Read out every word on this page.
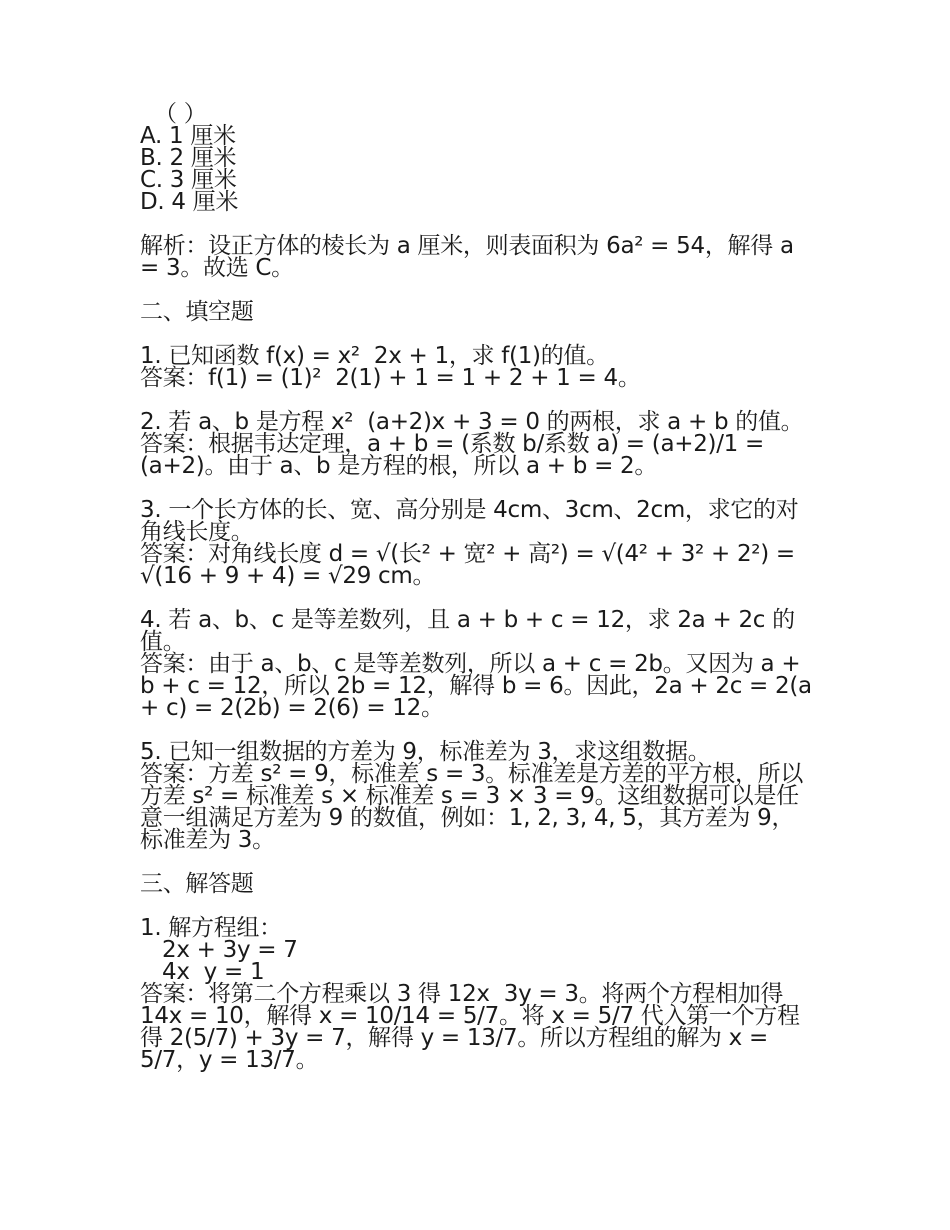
（ ）
A. 1 厘米
B. 2 厘米
C. 3 厘米
D. 4 厘米
解析：设正方体的棱长为 a 厘米，则表面积为 6a² = 54，解得 a = 3。故选 C。
二、填空题
1. 已知函数 f(x) = x²  2x + 1，求 f(1)的值。
答案：f(1) = (1)²  2(1) + 1 = 1 + 2 + 1 = 4。
2. 若 a、b 是方程 x²  (a+2)x + 3 = 0 的两根，求 a + b 的值。
答案：根据韦达定理，a + b = (系数 b/系数 a) = (a+2)/1 = (a+2)。由于 a、b 是方程的根，所以 a + b = 2。
3. 一个长方体的长、宽、高分别是 4cm、3cm、2cm，求它的对角线长度。
答案：对角线长度 d = √(长² + 宽² + 高²) = √(4² + 3² + 2²) = √(16 + 9 + 4) = √29 cm。
4. 若 a、b、c 是等差数列，且 a + b + c = 12，求 2a + 2c 的值。
答案：由于 a、b、c 是等差数列，所以 a + c = 2b。又因为 a + b + c = 12，所以 2b = 12，解得 b = 6。因此，2a + 2c = 2(a + c) = 2(2b) = 2(6) = 12。
5. 已知一组数据的方差为 9，标准差为 3，求这组数据。
答案：方差 s² = 9，标准差 s = 3。标准差是方差的平方根，所以方差 s² = 标准差 s × 标准差 s = 3 × 3 = 9。这组数据可以是任意一组满足方差为 9 的数值，例如：1, 2, 3, 4, 5，其方差为 9，标准差为 3。
三、解答题
1. 解方程组：
2x + 3y = 7
4x  y = 1
答案：将第二个方程乘以 3 得 12x  3y = 3。将两个方程相加得 14x = 10，解得 x = 10/14 = 5/7。将 x = 5/7 代入第一个方程得 2(5/7) + 3y = 7，解得 y = 13/7。所以方程组的解为 x = 5/7，y = 13/7。
